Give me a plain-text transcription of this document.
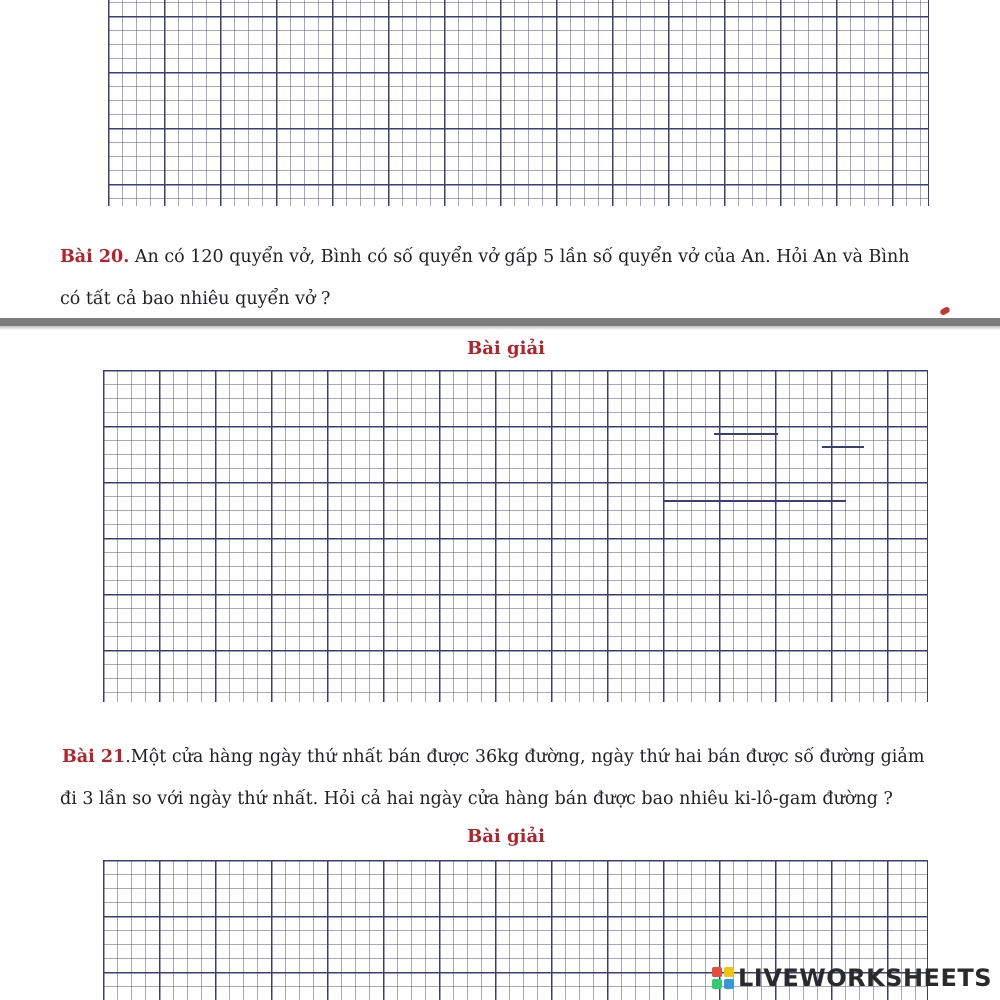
Bài 20. An có 120 quyển vở, Bình có số quyển vở gấp 5 lần số quyển vở của An. Hỏi An và Bình

có tất cả bao nhiêu quyển vở ?

Bài giải

Bài 21.Một cửa hàng ngày thứ nhất bán được 36kg đường, ngày thứ hai bán được số đường giảm

đi 3 lần so với ngày thứ nhất. Hỏi cả hai ngày cửa hàng bán được bao nhiêu ki-lô-gam đường ?

Bài giải
LIVEWORKSHEETS
